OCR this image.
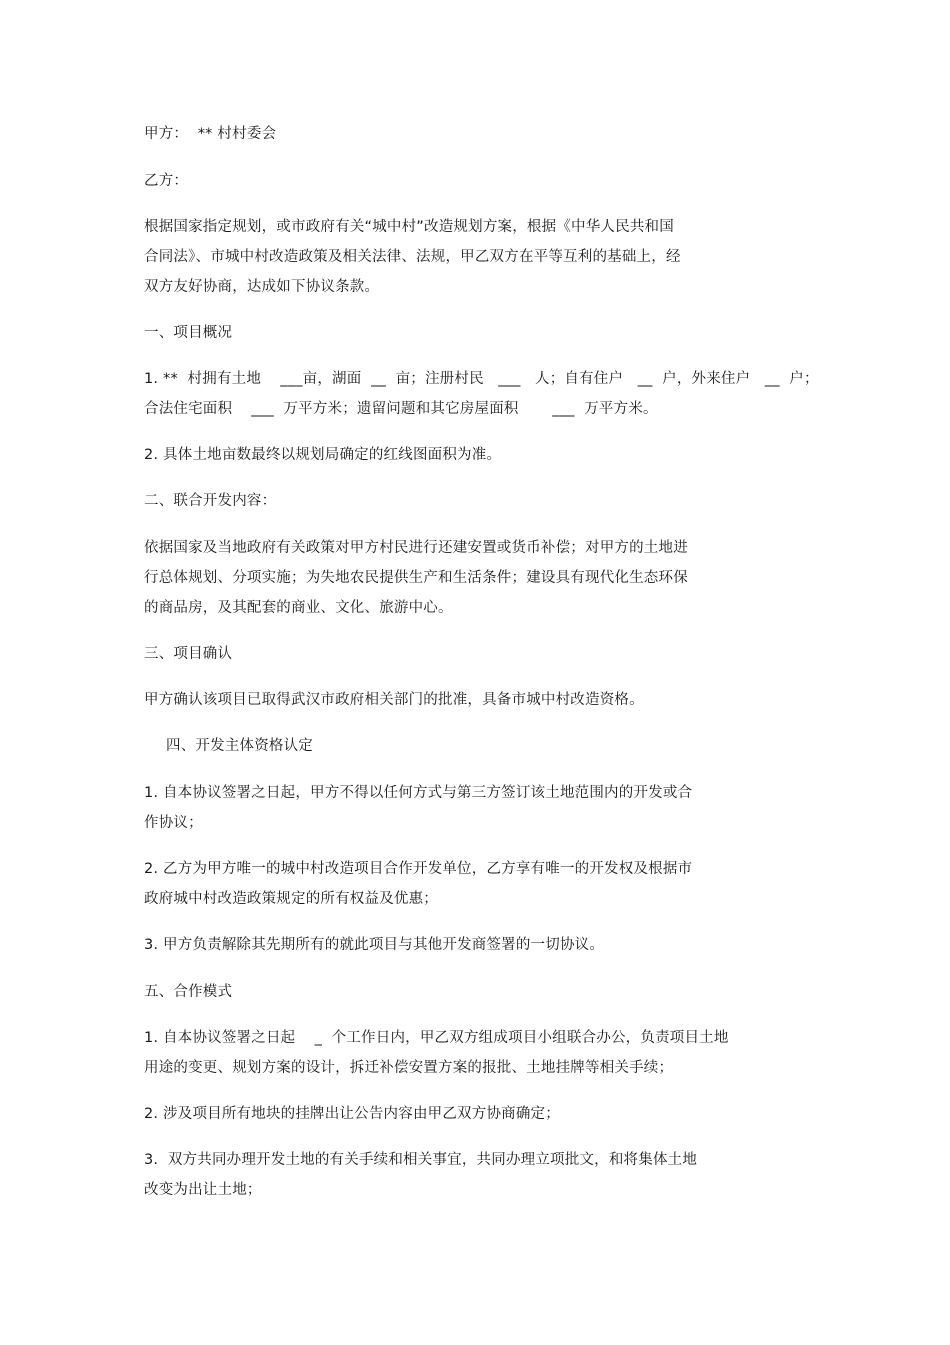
甲方：  ** 村村委会
乙方：
根据国家指定规划，或市政府有关“城中村”改造规划方案，根据《中华人民共和国
合同法》、市城中村改造政策及相关法律、法规，甲乙双方在平等互利的基础上，经
双方友好协商，达成如下协议条款。
一、项目概况
1. **  村拥有土地    ___亩，湖面  __  亩；注册村民   ___   人；自有住户   __  户，外来住户   __  户；
合法住宅面积    ___  万平方米；遗留问题和其它房屋面积       ___  万平方米。
2. 具体土地亩数最终以规划局确定的红线图面积为准。
二、联合开发内容：
依据国家及当地政府有关政策对甲方村民进行还建安置或货币补偿；对甲方的土地进
行总体规划、分项实施；为失地农民提供生产和生活条件；建设具有现代化生态环保
的商品房，及其配套的商业、文化、旅游中心。
三、项目确认
甲方确认该项目已取得武汉市政府相关部门的批准，具备市城中村改造资格。
四、开发主体资格认定
1. 自本协议签署之日起，甲方不得以任何方式与第三方签订该土地范围内的开发或合
作协议；
2. 乙方为甲方唯一的城中村改造项目合作开发单位，乙方享有唯一的开发权及根据市
政府城中村改造政策规定的所有权益及优惠；
3. 甲方负责解除其先期所有的就此项目与其他开发商签署的一切协议。
五、合作模式
1. 自本协议签署之日起    _  个工作日内，甲乙双方组成项目小组联合办公，负责项目土地
用途的变更、规划方案的设计，拆迁补偿安置方案的报批、土地挂牌等相关手续；
2. 涉及项目所有地块的挂牌出让公告内容由甲乙双方协商确定；
3.  双方共同办理开发土地的有关手续和相关事宜，共同办理立项批文，和将集体土地
改变为出让土地；
